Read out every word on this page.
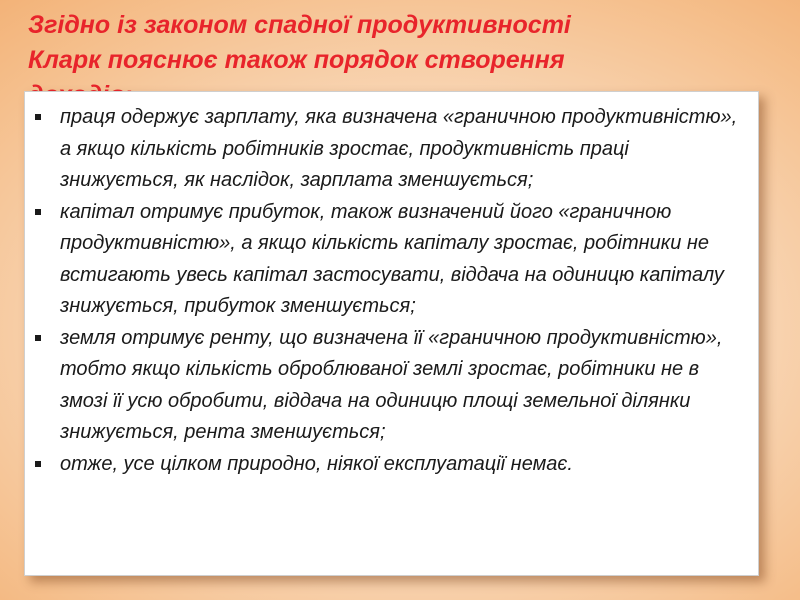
Згідно із законом спадної продуктивності
Кларк пояснює також порядок створення

праця одержує зарплату, яка визначена «граничною продуктивністю», а якщо кількість робітників зростає, продуктивність праці знижується, як наслідок, зарплата зменшується;
капітал отримує прибуток, також визначений його «граничною продуктивністю», а якщо кількість капіталу зростає, робітники не встигають увесь капітал застосувати, віддача на одиницю капіталу знижується, прибуток зменшується;
земля отримує ренту, що визначена її «граничною продуктивністю», тобто якщо кількість оброблюваної землі зростає, робітники не в змозі її усю обробити, віддача на одиницю площі земельної ділянки знижується, рента зменшується;
отже, усе цілком природно, ніякої експлуатації немає.
